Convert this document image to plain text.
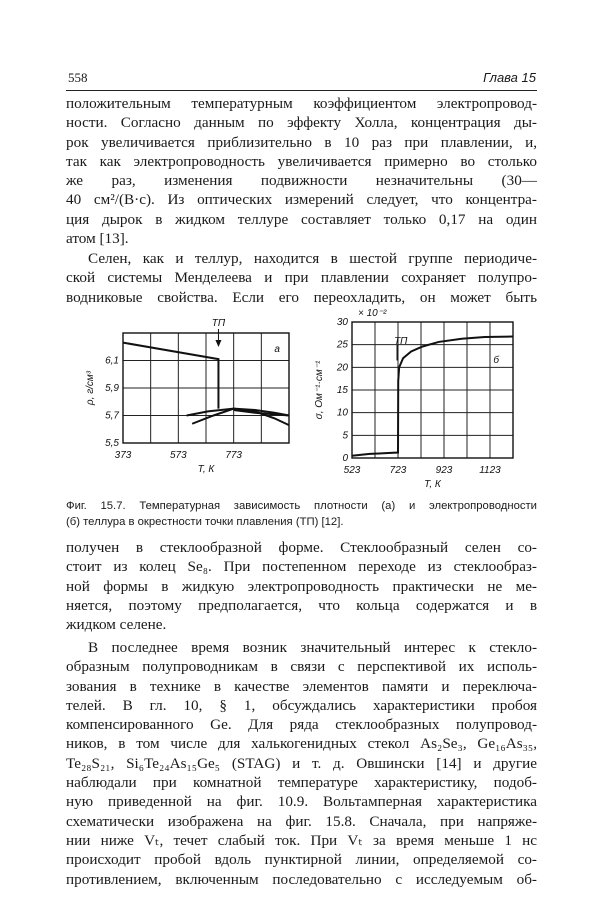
558	Глава 15
положительным температурным коэффициентом электропровод-
ности. Согласно данным по эффекту Холла, концентрация ды-
рок увеличивается приблизительно в 10 раз при плавлении, и,
так как электропроводность увеличивается примерно во столько
же раз, изменения подвижности незначительны (30—
40 см²/(В·с). Из оптических измерений следует, что концентра-
ция дырок в жидком теллуре составляет только 0,17 на один
атом [13].
Селен, как и теллур, находится в шестой группе периодиче-
ской системы Менделеева и при плавлении сохраняет полупро-
водниковые свойства. Если его переохладить, он может быть
373	573	773
5,5
5,7
5,9
6,1
T, К
ρ, г/см³
ТП
а
523	723	923	1123
0
5
10
15
20
25
30
T, К
σ, Ом⁻¹·см⁻¹
× 10⁻²
ТП
б
Фиг. 15.7. Температурная зависимость плотности (а) и электропроводности
(б) теллура в окрестности точки плавления (ТП) [12].
получен в стеклообразной форме. Стеклообразный селен со-
стоит из колец Se₈. При постепенном переходе из стеклообраз-
ной формы в жидкую электропроводность практически не ме-
няется, поэтому предполагается, что кольца содержатся и в
жидком селене.
В последнее время возник значительный интерес к стекло-
образным полупроводникам в связи с перспективой их исполь-
зования в технике в качестве элементов памяти и переключа-
телей. В гл. 10, § 1, обсуждались характеристики пробоя
компенсированного Ge. Для ряда стеклообразных полупровод-
ников, в том числе для халькогенидных стекол As₂Se₃, Ge₁₆As₃₅,
Te₂₈S₂₁, Si₆Te₂₄As₁₅Ge₅ (STAG) и т. д. Овшински [14] и другие
наблюдали при комнатной температуре характеристику, подоб-
ную приведенной на фиг. 10.9. Вольтамперная характеристика
схематически изображена на фиг. 15.8. Сначала, при напряже-
нии ниже Vₜ, течет слабый ток. При Vₜ за время меньше 1 нс
происходит пробой вдоль пунктирной линии, определяемой со-
противлением, включенным последовательно с исследуемым об-
